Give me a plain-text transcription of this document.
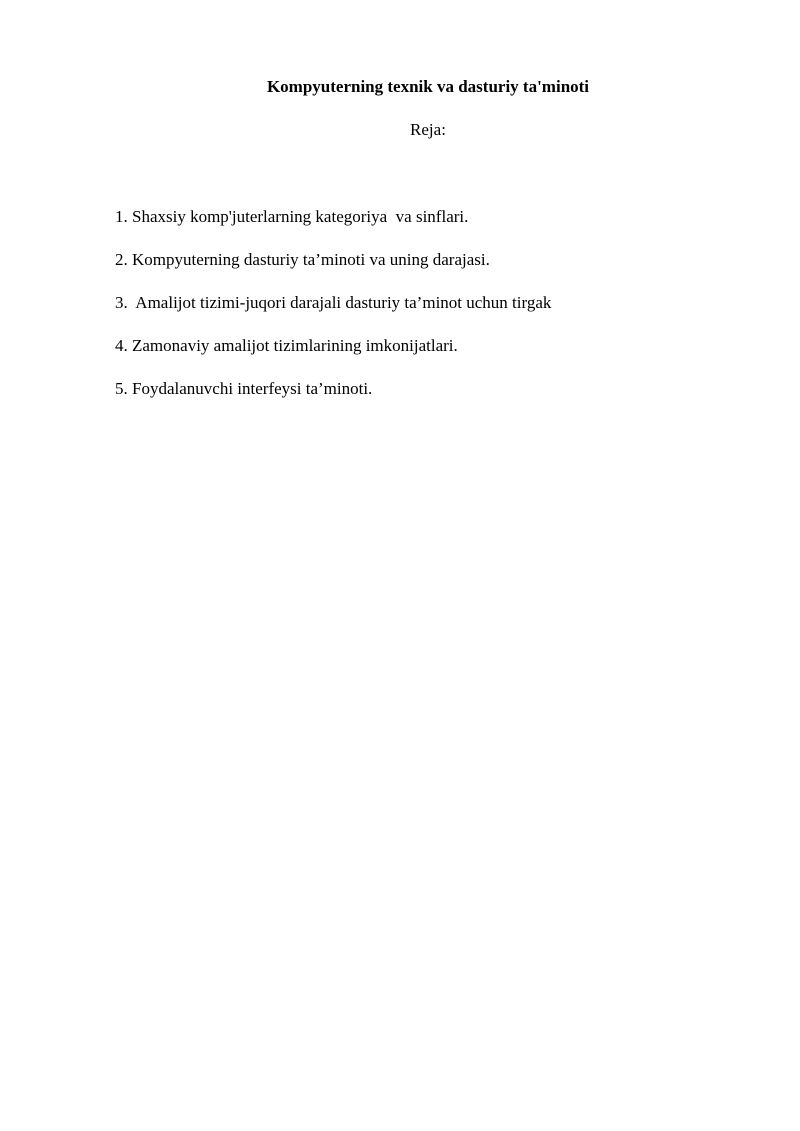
Kompyuterning texnik va dasturiy ta'minoti
Reja:
1. Shaxsiy komp'juterlarning kategoriya  va sinflari.
2. Kompyuterning dasturiy ta’minoti va uning darajasi.
3.  Amalijot tizimi-juqori darajali dasturiy ta’minot uchun tirgak
4. Zamonaviy amalijot tizimlarining imkonijatlari.
5. Foydalanuvchi interfeysi ta’minoti.
